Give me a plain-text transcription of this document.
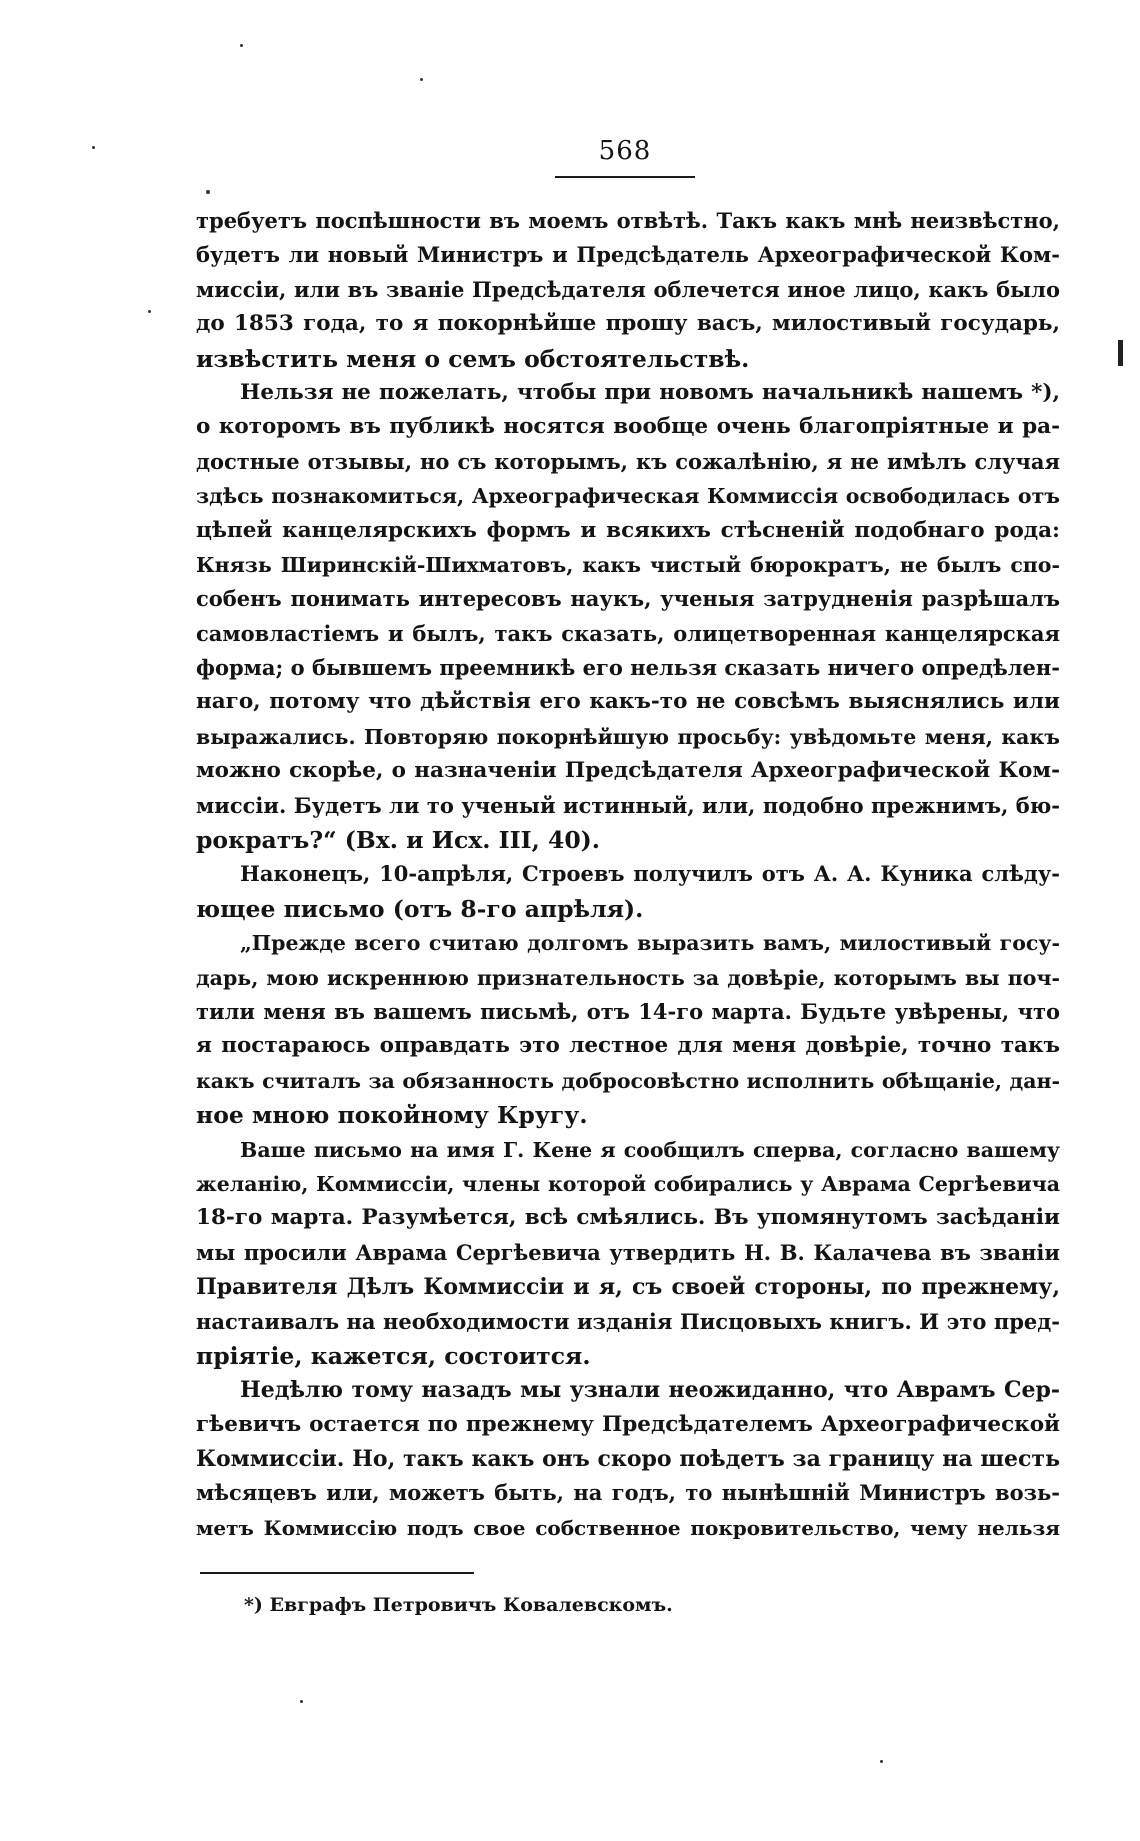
568
требуетъ поспѣшности въ моемъ отвѣтѣ. Такъ какъ мнѣ неизвѣстно,
будетъ ли новый Министръ и Предсѣдатель Археографической Ком-
миссіи, или въ званіе Предсѣдателя облечется иное лицо, какъ было
до 1853 года, то я покорнѣйше прошу васъ, милостивый государь,
извѣстить меня о семъ обстоятельствѣ.
Нельзя не пожелать, чтобы при новомъ начальникѣ нашемъ *),
о которомъ въ публикѣ носятся вообще очень благопріятные и ра-
достные отзывы, но съ которымъ, къ сожалѣнію, я не имѣлъ случая
здѣсь познакомиться, Археографическая Коммиссія освободилась отъ
цѣпей канцелярскихъ формъ и всякихъ стѣсненій подобнаго рода:
Князь Ширинскій-Шихматовъ, какъ чистый бюрократъ, не былъ спо-
собенъ понимать интересовъ наукъ, ученыя затрудненія разрѣшалъ
самовластіемъ и былъ, такъ сказать, олицетворенная канцелярская
форма; о бывшемъ преемникѣ его нельзя сказать ничего опредѣлен-
наго, потому что дѣйствія его какъ-то не совсѣмъ выяснялись или
выражались. Повторяю покорнѣйшую просьбу: увѣдомьте меня, какъ
можно скорѣе, о назначеніи Предсѣдателя Археографической Ком-
миссіи. Будетъ ли то ученый истинный, или, подобно прежнимъ, бю-
рократъ?“ (Вх. и Исх. III, 40).
Наконецъ, 10-апрѣля, Строевъ получилъ отъ А. А. Куника слѣду-
ющее письмо (отъ 8-го апрѣля).
„Прежде всего считаю долгомъ выразить вамъ, милостивый госу-
дарь, мою искреннюю признательность за довѣріе, которымъ вы поч-
тили меня въ вашемъ письмѣ, отъ 14-го марта. Будьте увѣрены, что
я постараюсь оправдать это лестное для меня довѣріе, точно такъ
какъ считалъ за обязанность добросовѣстно исполнить обѣщаніе, дан-
ное мною покойному Кругу.
Ваше письмо на имя Г. Кене я сообщилъ сперва, согласно вашему
желанію, Коммиссіи, члены которой собирались у Аврама Сергѣевича
18-го марта. Разумѣется, всѣ смѣялись. Въ упомянутомъ засѣданіи
мы просили Аврама Сергѣевича утвердить Н. В. Калачева въ званіи
Правителя Дѣлъ Коммиссіи и я, съ своей стороны, по прежнему,
настаивалъ на необходимости изданія Писцовыхъ книгъ. И это пред-
пріятіе, кажется, состоится.
Недѣлю тому назадъ мы узнали неожиданно, что Аврамъ Сер-
гѣевичъ остается по прежнему Предсѣдателемъ Археографической
Коммиссіи. Но, такъ какъ онъ скоро поѣдетъ за границу на шесть
мѣсяцевъ или, можетъ быть, на годъ, то нынѣшній Министръ возь-
метъ Коммиссію подъ свое собственное покровительство, чему нельзя
*) Евграфъ Петровичъ Ковалевскомъ.
